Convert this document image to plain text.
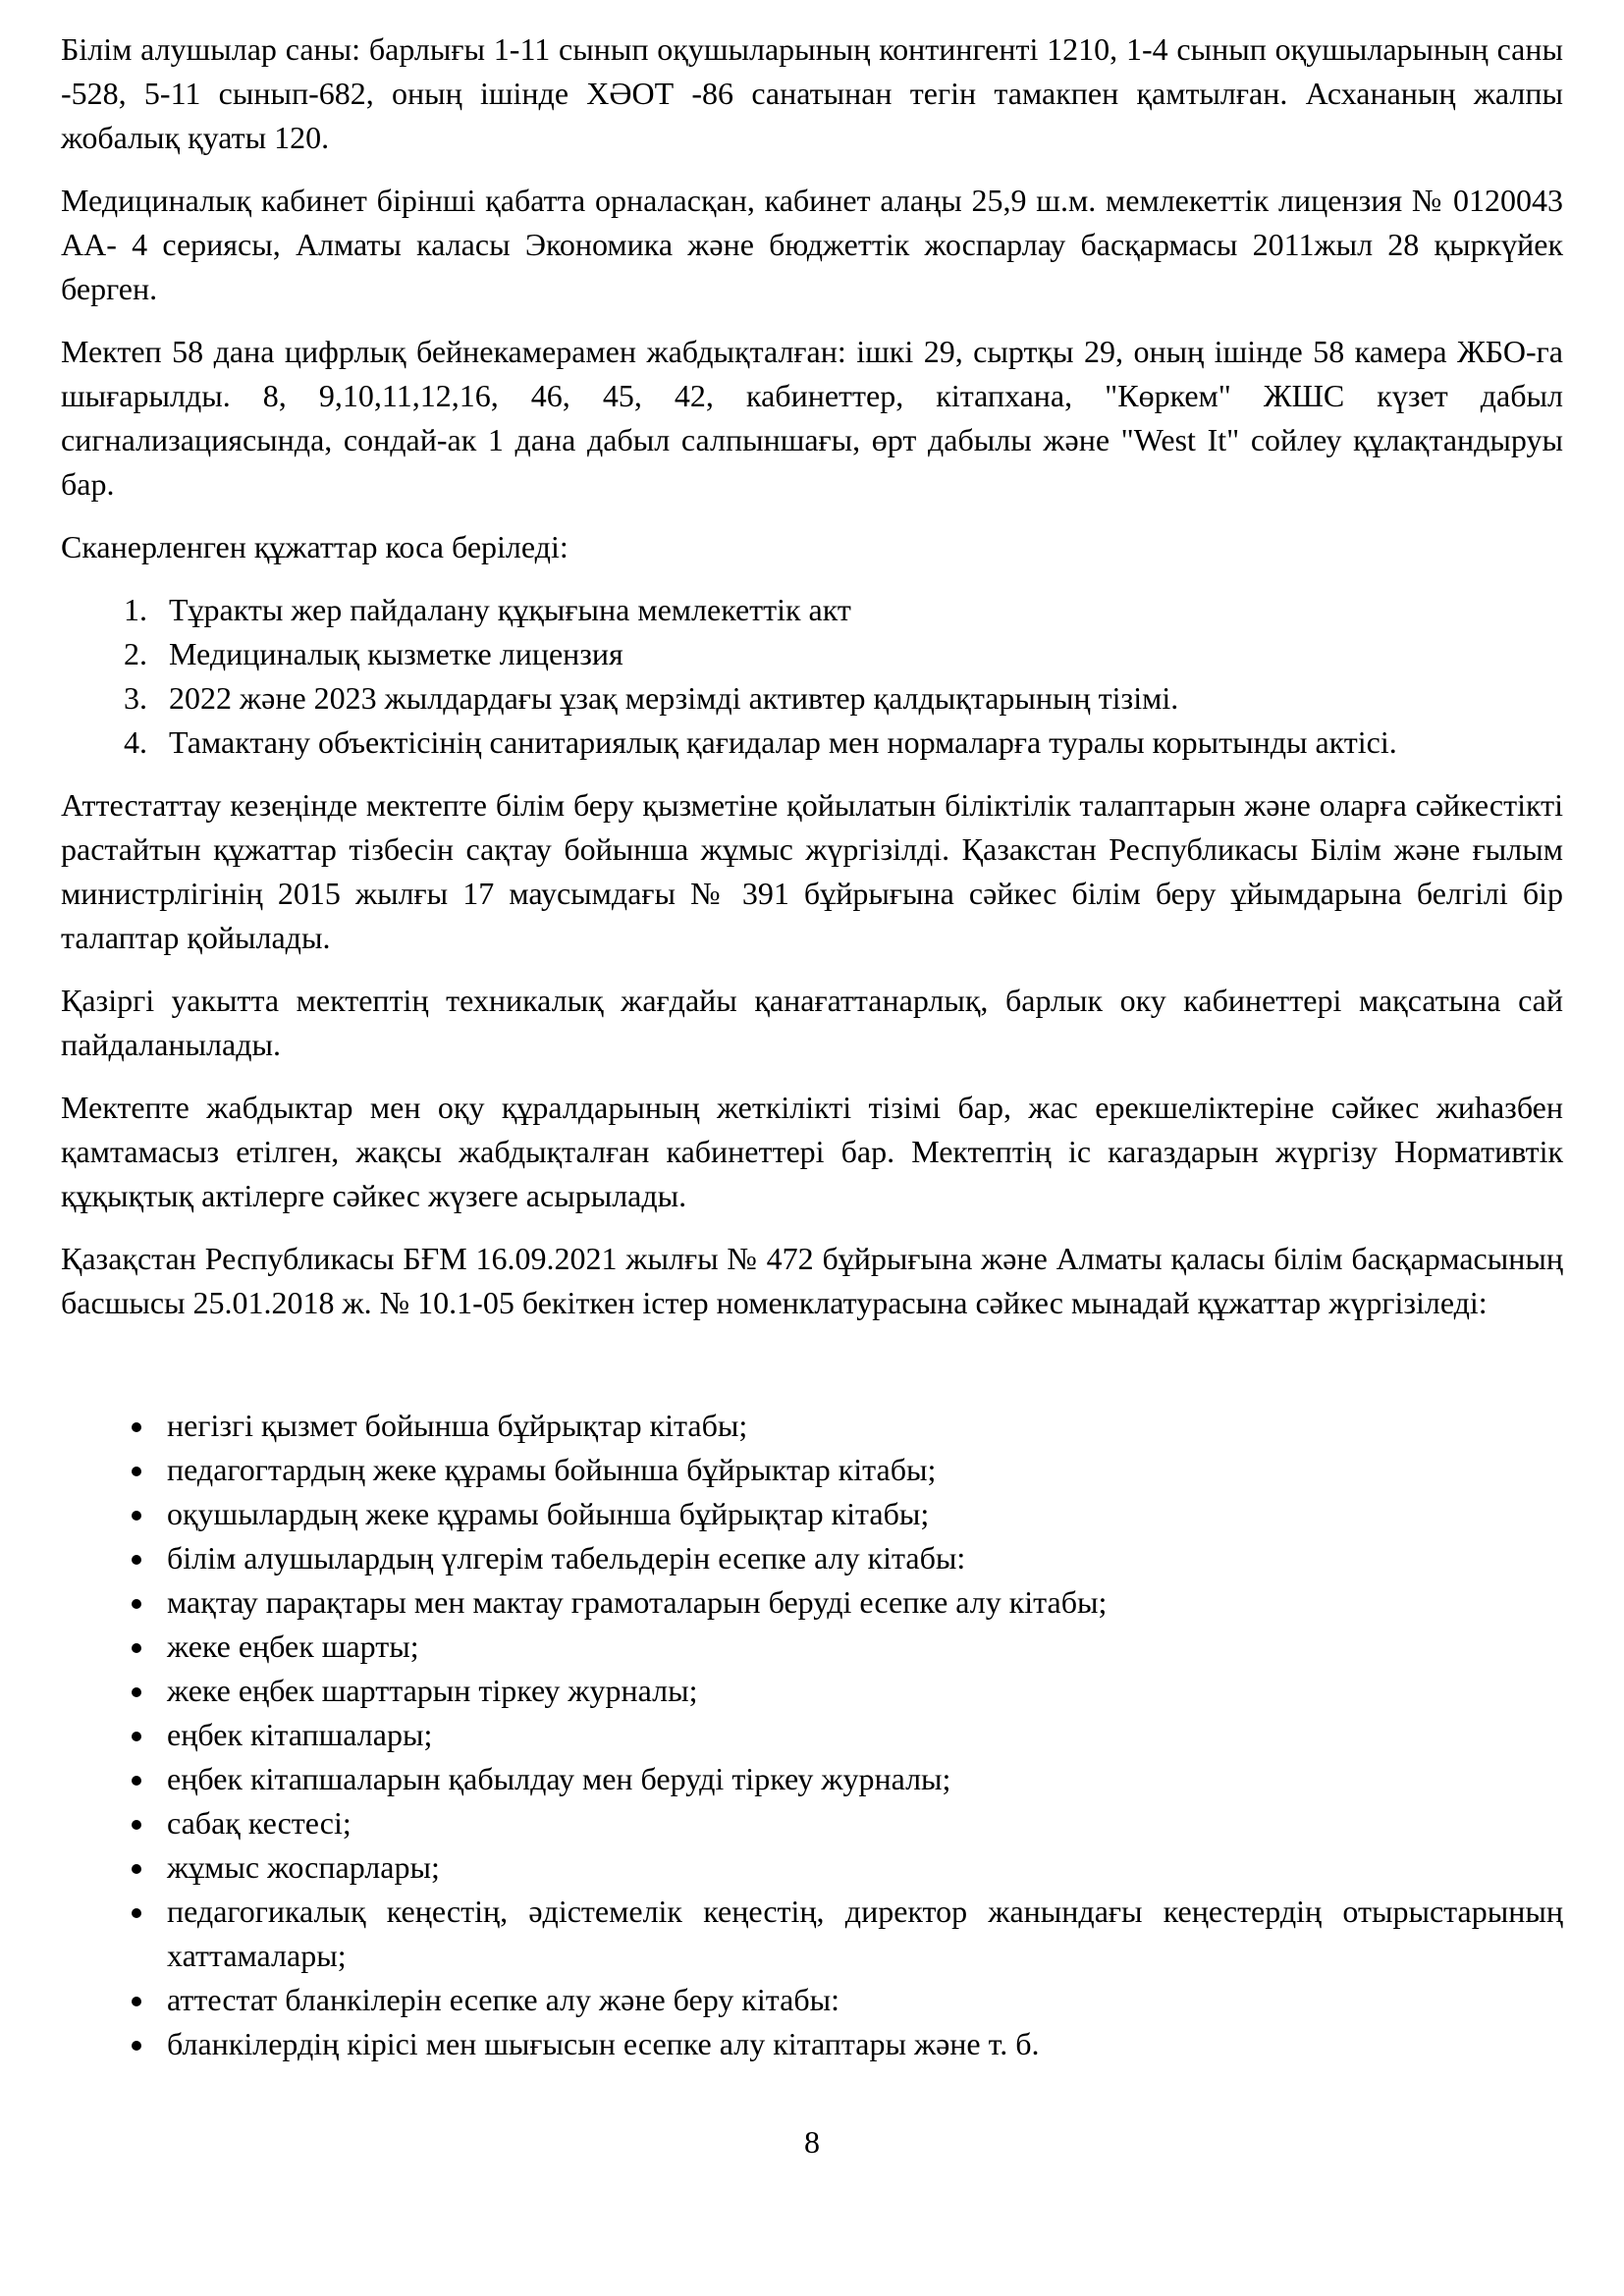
Білім алушылар саны: барлығы 1-11 сынып оқушыларының контингенті 1210, 1-4 сынып оқушыларының саны -528, 5-11 сынып-682, оның ішінде ХӘОТ -86 санатынан тегін тамакпен қамтылған. Асхананың жалпы жобалық қуаты 120.

Медициналық кабинет бірінші қабатта орналасқан, кабинет алаңы 25,9 ш.м. мемлекеттік лицензия № 0120043 АА- 4 сериясы, Алматы каласы Экономика және бюджеттік жоспарлау басқармасы 2011жыл 28 қыркүйек берген.

Мектеп 58 дана цифрлық бейнекамерамен жабдықталған: ішкі 29, сыртқы 29, оның ішінде 58 камера ЖБО-га шығарылды. 8, 9,10,11,12,16, 46, 45, 42, кабинеттер, кітапхана, "Көркем" ЖШС күзет дабыл сигнализациясында, сондай-ак 1 дана дабыл салпыншағы, өрт дабылы және "West It" сойлеу құлақтандыруы бар.

Сканерленген құжаттар коса беріледі:

1. Тұракты жер пайдалану құқығына мемлекеттік акт
2. Медициналық кызметке лицензия
3. 2022 және 2023 жылдардағы ұзақ мерзімді активтер қалдықтарының тізімі.
4. Тамактану объектісінің санитариялық қағидалар мен нормаларға туралы корытынды актісі.

Аттестаттау кезеңінде мектепте білім беру қызметіне қойылатын біліктілік талаптарын және оларға сәйкестікті растайтын құжаттар тізбесін сақтау бойынша жұмыс жүргізілді. Қазакстан Республикасы Білім және ғылым министрлігінің 2015 жылғы 17 маусымдағы № 391 бұйрығына сәйкес білім беру ұйымдарына белгілі бір талаптар қойылады.

Қазіргі уакытта мектептің техникалық жағдайы қанағаттанарлық, барлык оку кабинеттері мақсатына сай пайдаланылады.

Мектепте жабдыктар мен оқу құралдарының жеткілікті тізімі бар, жас ерекшеліктеріне сәйкес жиһазбен қамтамасыз етілген, жақсы жабдықталған кабинеттері бар. Мектептің іс кагаздарын жүргізу Нормативтік құқықтық актілерге сәйкес жүзеге асырылады.

Қазақстан Республикасы БҒМ 16.09.2021 жылғы № 472 бұйрығына және Алматы қаласы білім басқармасының басшысы 25.01.2018 ж. № 10.1-05 бекіткен істер номенклатурасына сәйкес мынадай құжаттар жүргізіледі:

• негізгі қызмет бойынша бұйрықтар кітабы;
• педагогтардың жеке құрамы бойынша бұйрыктар кітабы;
• оқушылардың жеке құрамы бойынша бұйрықтар кітабы;
• білім алушылардың үлгерім табельдерін есепке алу кітабы:
• мақтау парақтары мен мактау грамоталарын беруді есепке алу кітабы;
• жеке еңбек шарты;
• жеке еңбек шарттарын тіркеу журналы;
• еңбек кітапшалары;
• еңбек кітапшаларын қабылдау мен беруді тіркеу журналы;
• сабақ кестесі;
• жұмыс жоспарлары;
• педагогикалық кеңестің, әдістемелік кеңестің, директор жанындағы кеңестердің отырыстарының хаттамалары;
• аттестат бланкілерін есепке алу және беру кітабы:
• бланкілердің кірісі мен шығысын есепке алу кітаптары және т. б.
8
